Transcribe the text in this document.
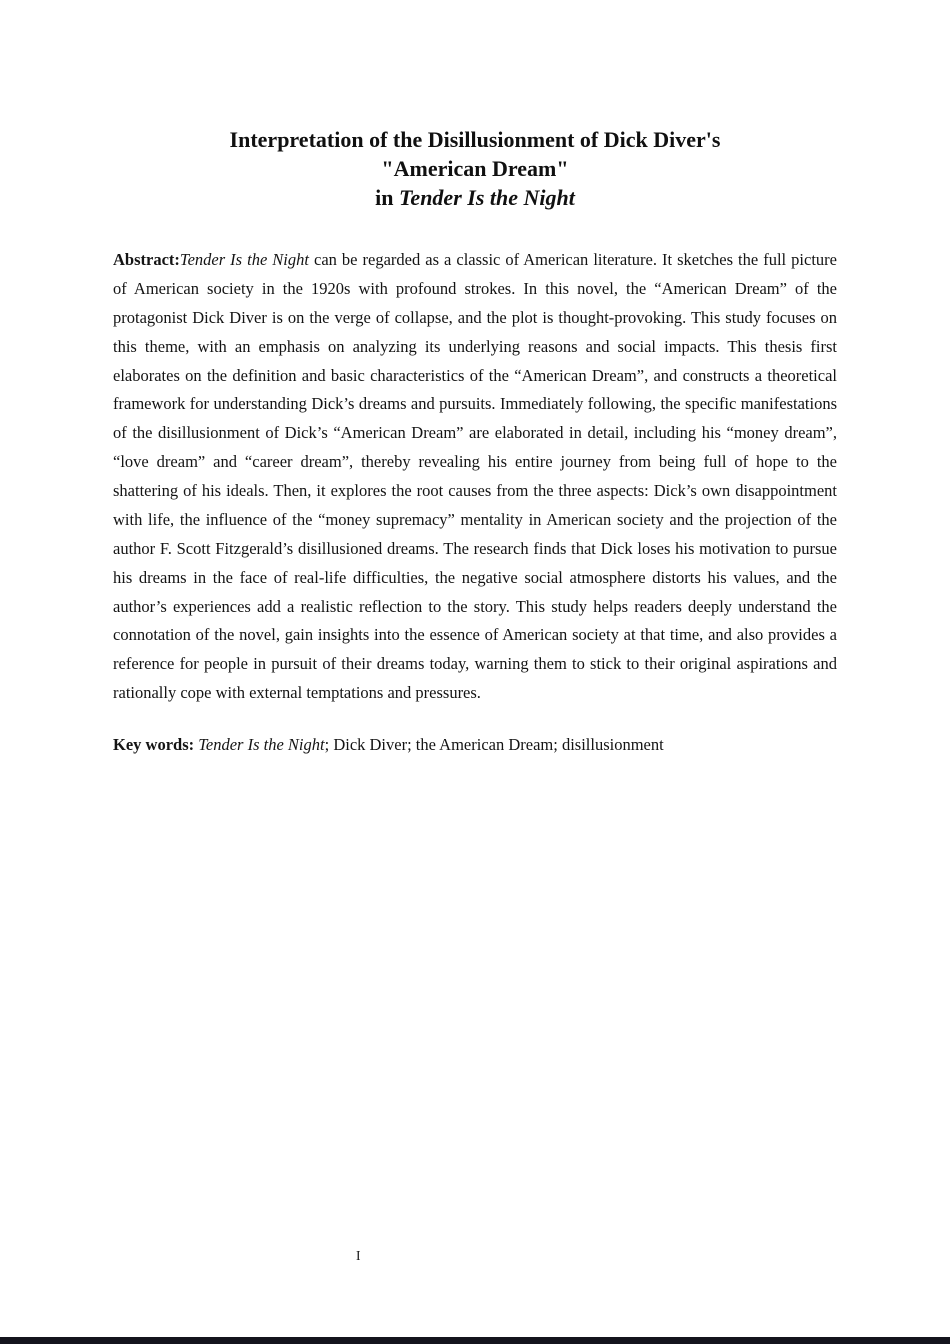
Interpretation of the Disillusionment of Dick Diver's
"American Dream"
in Tender Is the Night

Abstract:Tender Is the Night can be regarded as a classic of American literature. It sketches the full picture of American society in the 1920s with profound strokes. In this novel, the “American Dream” of the protagonist Dick Diver is on the verge of collapse, and the plot is thought-provoking. This study focuses on this theme, with an emphasis on analyzing its underlying reasons and social impacts. This thesis first elaborates on the definition and basic characteristics of the “American Dream”, and constructs a theoretical framework for understanding Dick’s dreams and pursuits. Immediately following, the specific manifestations of the disillusionment of Dick’s “American Dream” are elaborated in detail, including his “money dream”, “love dream” and “career dream”, thereby revealing his entire journey from being full of hope to the shattering of his ideals. Then, it explores the root causes from the three aspects: Dick’s own disappointment with life, the influence of the “money supremacy” mentality in American society and the projection of the author F. Scott Fitzgerald’s disillusioned dreams. The research finds that Dick loses his motivation to pursue his dreams in the face of real-life difficulties, the negative social atmosphere distorts his values, and the author’s experiences add a realistic reflection to the story. This study helps readers deeply understand the connotation of the novel, gain insights into the essence of American society at that time, and also provides a reference for people in pursuit of their dreams today, warning them to stick to their original aspirations and rationally cope with external temptations and pressures.

Key words: Tender Is the Night; Dick Diver; the American Dream; disillusionment

I
